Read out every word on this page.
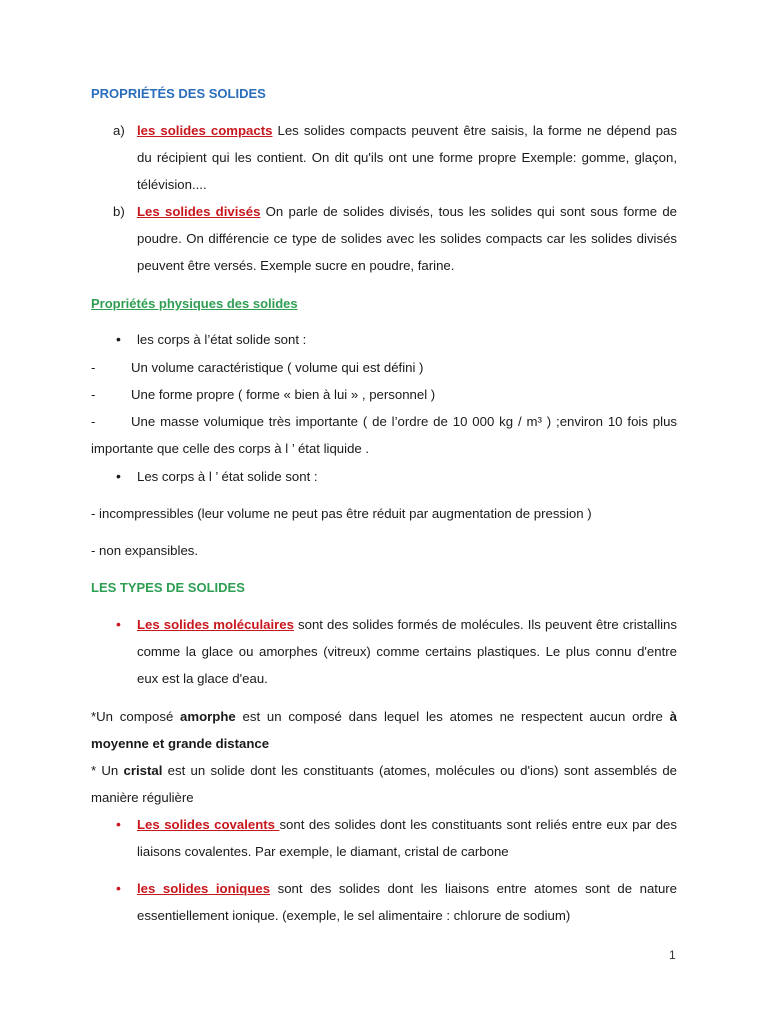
PROPRIÉTÉS DES SOLIDES
a) les solides compacts Les solides compacts peuvent être saisis, la forme ne dépend pas du récipient qui les contient. On dit qu'ils ont une forme propre Exemple: gomme, glaçon, télévision....
b) Les solides divisés On parle de solides divisés, tous les solides qui sont sous forme de poudre. On différencie ce type de solides avec les solides compacts car les solides divisés peuvent être versés. Exemple sucre en poudre, farine.
Propriétés physiques des solides
• les corps à l’état solide sont :
-	Un volume caractéristique ( volume qui est défini )
-	Une forme propre ( forme « bien à lui » , personnel )
-	Une masse volumique très importante ( de l’ordre de 10 000 kg / m³ ) ;environ 10 fois plus importante que celle des corps à l ’ état liquide .
• Les corps à l ’ état solide sont :
- incompressibles (leur volume ne peut pas être réduit par augmentation de pression )
- non expansibles.
LES TYPES DE SOLIDES
• Les solides moléculaires sont des solides formés de molécules. Ils peuvent être cristallins comme la glace ou amorphes (vitreux) comme certains plastiques. Le plus connu d'entre eux est la glace d'eau.
*Un composé amorphe est un composé dans lequel les atomes ne respectent aucun ordre à moyenne et grande distance
* Un cristal est un solide dont les constituants (atomes, molécules ou d'ions) sont assemblés de manière régulière
• Les solides covalents sont des solides dont les constituants sont reliés entre eux par des liaisons covalentes. Par exemple, le diamant, cristal de carbone
• les solides ioniques sont des solides dont les liaisons entre atomes sont de nature essentiellement ionique. (exemple, le sel alimentaire : chlorure de sodium)
1
